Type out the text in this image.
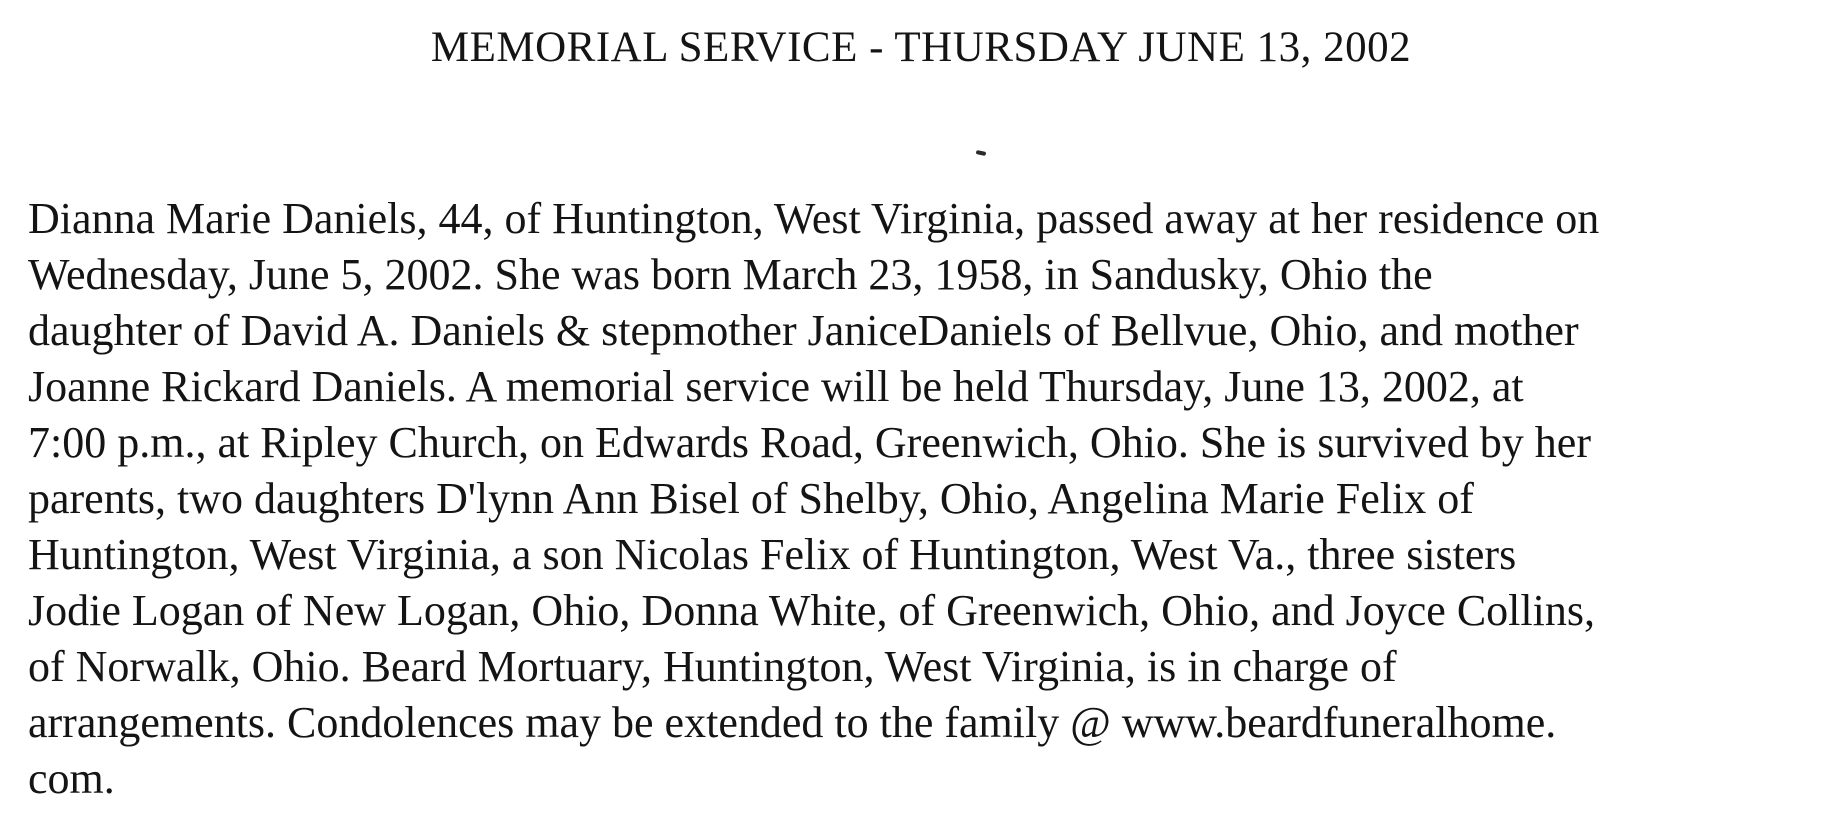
MEMORIAL SERVICE - THURSDAY JUNE 13, 2002
Dianna Marie Daniels, 44, of Huntington, West Virginia, passed away at her residence on
Wednesday, June 5, 2002. She was born March 23, 1958, in Sandusky, Ohio the
daughter of David A. Daniels & stepmother JaniceDaniels of Bellvue, Ohio, and mother
Joanne Rickard Daniels. A memorial service will be held Thursday, June 13, 2002, at
7:00 p.m., at Ripley Church, on Edwards Road, Greenwich, Ohio. She is survived by her
parents, two daughters D'lynn Ann Bisel of Shelby, Ohio, Angelina Marie Felix of
Huntington, West Virginia, a son Nicolas Felix of Huntington, West Va., three sisters
Jodie Logan of New Logan, Ohio, Donna White, of Greenwich, Ohio, and Joyce Collins,
of Norwalk, Ohio. Beard Mortuary, Huntington, West Virginia, is in charge of
arrangements. Condolences may be extended to the family @ www.beardfuneralhome.
com.
